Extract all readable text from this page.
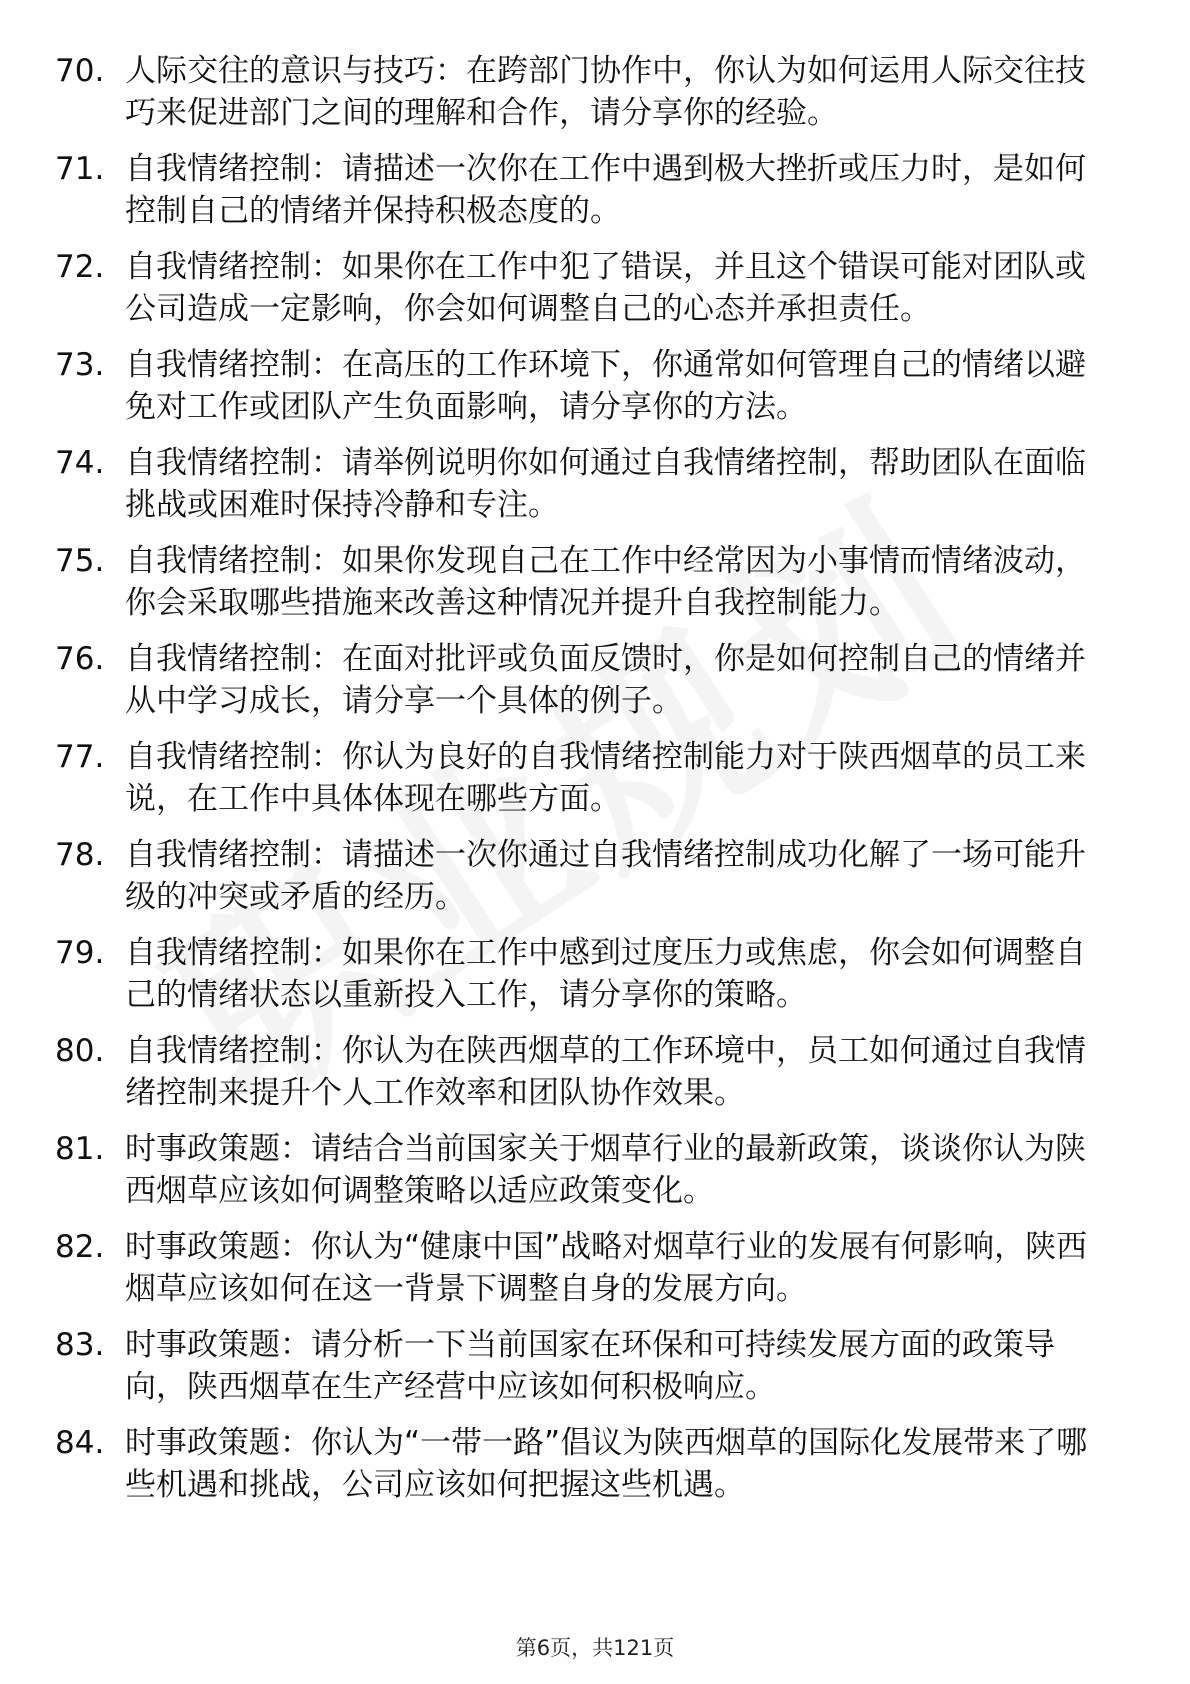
70. 人际交往的意识与技巧：在跨部门协作中，你认为如何运用人际交往技巧来促进部门之间的理解和合作，请分享你的经验。
71. 自我情绪控制：请描述一次你在工作中遇到极大挫折或压力时，是如何控制自己的情绪并保持积极态度的。
72. 自我情绪控制：如果你在工作中犯了错误，并且这个错误可能对团队或公司造成一定影响，你会如何调整自己的心态并承担责任。
73. 自我情绪控制：在高压的工作环境下，你通常如何管理自己的情绪以避免对工作或团队产生负面影响，请分享你的方法。
74. 自我情绪控制：请举例说明你如何通过自我情绪控制，帮助团队在面临挑战或困难时保持冷静和专注。
75. 自我情绪控制：如果你发现自己在工作中经常因为小事情而情绪波动，你会采取哪些措施来改善这种情况并提升自我控制能力。
76. 自我情绪控制：在面对批评或负面反馈时，你是如何控制自己的情绪并从中学习成长，请分享一个具体的例子。
77. 自我情绪控制：你认为良好的自我情绪控制能力对于陕西烟草的员工来说，在工作中具体体现在哪些方面。
78. 自我情绪控制：请描述一次你通过自我情绪控制成功化解了一场可能升级的冲突或矛盾的经历。
79. 自我情绪控制：如果你在工作中感到过度压力或焦虑，你会如何调整自己的情绪状态以重新投入工作，请分享你的策略。
80. 自我情绪控制：你认为在陕西烟草的工作环境中，员工如何通过自我情绪控制来提升个人工作效率和团队协作效果。
81. 时事政策题：请结合当前国家关于烟草行业的最新政策，谈谈你认为陕西烟草应该如何调整策略以适应政策变化。
82. 时事政策题：你认为“健康中国”战略对烟草行业的发展有何影响，陕西烟草应该如何在这一背景下调整自身的发展方向。
83. 时事政策题：请分析一下当前国家在环保和可持续发展方面的政策导向，陕西烟草在生产经营中应该如何积极响应。
84. 时事政策题：你认为“一带一路”倡议为陕西烟草的国际化发展带来了哪些机遇和挑战，公司应该如何把握这些机遇。
第6页，共121页
